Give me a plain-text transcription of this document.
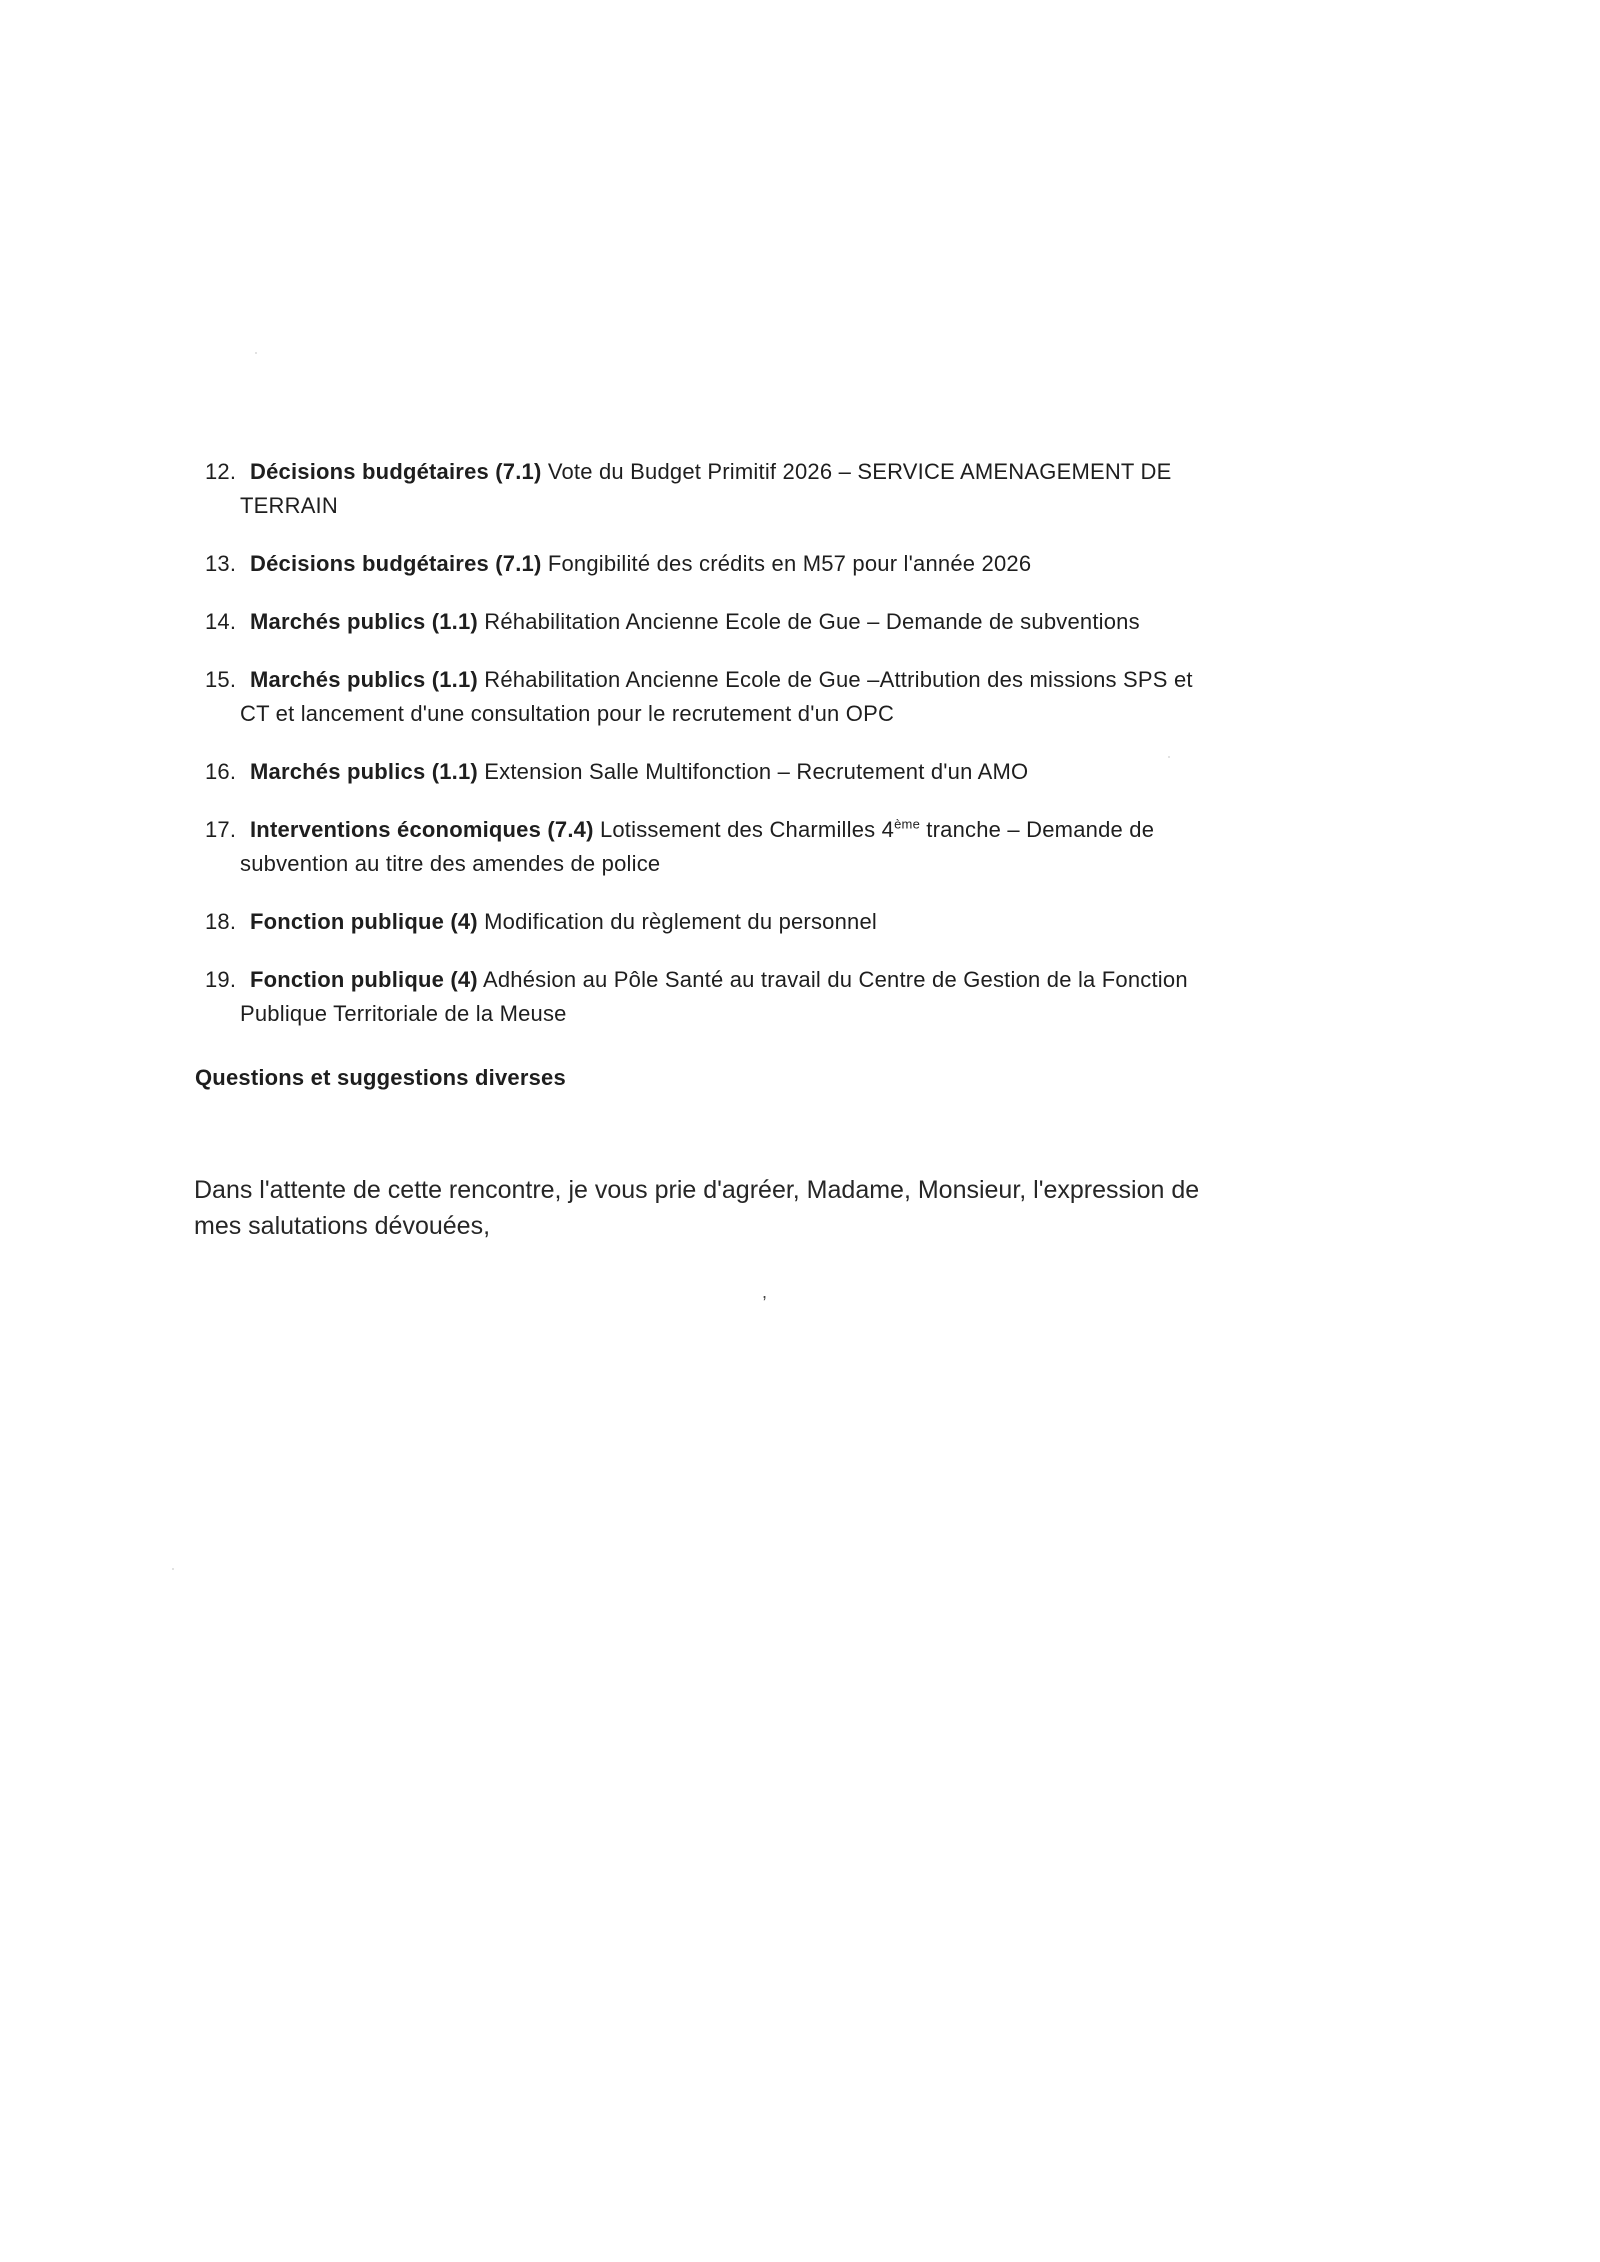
12. Décisions budgétaires (7.1) Vote du Budget Primitif 2026 – SERVICE AMENAGEMENT DE
TERRAIN
13. Décisions budgétaires (7.1) Fongibilité des crédits en M57 pour l'année 2026
14. Marchés publics (1.1) Réhabilitation Ancienne Ecole de Gue – Demande de subventions
15. Marchés publics (1.1) Réhabilitation Ancienne Ecole de Gue –Attribution des missions SPS et
CT et lancement d'une consultation pour le recrutement d'un OPC
16. Marchés publics (1.1) Extension Salle Multifonction – Recrutement d'un AMO
17. Interventions économiques (7.4) Lotissement des Charmilles 4ème tranche – Demande de
subvention au titre des amendes de police
18. Fonction publique (4) Modification du règlement du personnel
19. Fonction publique (4) Adhésion au Pôle Santé au travail du Centre de Gestion de la Fonction
Publique Territoriale de la Meuse
Questions et suggestions diverses

Dans l'attente de cette rencontre, je vous prie d'agréer, Madame, Monsieur, l'expression de
mes salutations dévouées,

,
